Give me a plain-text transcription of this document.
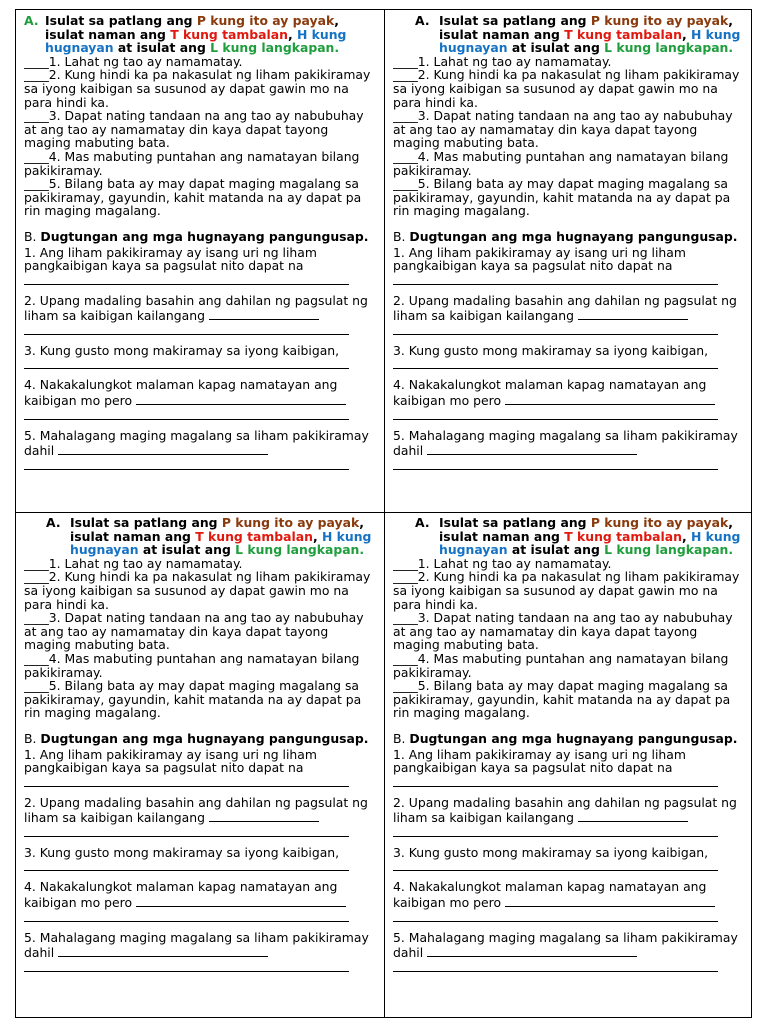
A. Isulat sa patlang ang P kung ito ay payak, isulat naman ang T kung tambalan, H kung hugnayan at isulat ang L kung langkapan.
____1. Lahat ng tao ay namamatay.
____2. Kung hindi ka pa nakasulat ng liham pakikiramay sa iyong kaibigan sa susunod ay dapat gawin mo na para hindi ka.
____3. Dapat nating tandaan na ang tao ay nabubuhay at ang tao ay namamatay din kaya dapat tayong maging mabuting bata.
____4. Mas mabuting puntahan ang namatayan bilang pakikiramay.
____5. Bilang bata ay may dapat maging magalang sa pakikiramay, gayundin, kahit matanda na ay dapat pa rin maging magalang.
B. Dugtungan ang mga hugnayang pangungusap.
1. Ang liham pakikiramay ay isang uri ng liham pangkaibigan kaya sa pagsulat nito dapat na
2. Upang madaling basahin ang dahilan ng pagsulat ng liham sa kaibigan kailangang
3. Kung gusto mong makiramay sa iyong kaibigan,
4. Nakakalungkot malaman kapag namatayan ang kaibigan mo pero
5. Mahalagang maging magalang sa liham pakikiramay dahil
A. Isulat sa patlang ang P kung ito ay payak, isulat naman ang T kung tambalan, H kung hugnayan at isulat ang L kung langkapan.
____1. Lahat ng tao ay namamatay.
____2. Kung hindi ka pa nakasulat ng liham pakikiramay sa iyong kaibigan sa susunod ay dapat gawin mo na para hindi ka.
____3. Dapat nating tandaan na ang tao ay nabubuhay at ang tao ay namamatay din kaya dapat tayong maging mabuting bata.
____4. Mas mabuting puntahan ang namatayan bilang pakikiramay.
____5. Bilang bata ay may dapat maging magalang sa pakikiramay, gayundin, kahit matanda na ay dapat pa rin maging magalang.
B. Dugtungan ang mga hugnayang pangungusap.
1. Ang liham pakikiramay ay isang uri ng liham pangkaibigan kaya sa pagsulat nito dapat na
2. Upang madaling basahin ang dahilan ng pagsulat ng liham sa kaibigan kailangang
3. Kung gusto mong makiramay sa iyong kaibigan,
4. Nakakalungkot malaman kapag namatayan ang kaibigan mo pero
5. Mahalagang maging magalang sa liham pakikiramay dahil
A. Isulat sa patlang ang P kung ito ay payak, isulat naman ang T kung tambalan, H kung hugnayan at isulat ang L kung langkapan.
____1. Lahat ng tao ay namamatay.
____2. Kung hindi ka pa nakasulat ng liham pakikiramay sa iyong kaibigan sa susunod ay dapat gawin mo na para hindi ka.
____3. Dapat nating tandaan na ang tao ay nabubuhay at ang tao ay namamatay din kaya dapat tayong maging mabuting bata.
____4. Mas mabuting puntahan ang namatayan bilang pakikiramay.
____5. Bilang bata ay may dapat maging magalang sa pakikiramay, gayundin, kahit matanda na ay dapat pa rin maging magalang.
B. Dugtungan ang mga hugnayang pangungusap.
1. Ang liham pakikiramay ay isang uri ng liham pangkaibigan kaya sa pagsulat nito dapat na
2. Upang madaling basahin ang dahilan ng pagsulat ng liham sa kaibigan kailangang
3. Kung gusto mong makiramay sa iyong kaibigan,
4. Nakakalungkot malaman kapag namatayan ang kaibigan mo pero
5. Mahalagang maging magalang sa liham pakikiramay dahil
A. Isulat sa patlang ang P kung ito ay payak, isulat naman ang T kung tambalan, H kung hugnayan at isulat ang L kung langkapan.
____1. Lahat ng tao ay namamatay.
____2. Kung hindi ka pa nakasulat ng liham pakikiramay sa iyong kaibigan sa susunod ay dapat gawin mo na para hindi ka.
____3. Dapat nating tandaan na ang tao ay nabubuhay at ang tao ay namamatay din kaya dapat tayong maging mabuting bata.
____4. Mas mabuting puntahan ang namatayan bilang pakikiramay.
____5. Bilang bata ay may dapat maging magalang sa pakikiramay, gayundin, kahit matanda na ay dapat pa rin maging magalang.
B. Dugtungan ang mga hugnayang pangungusap.
1. Ang liham pakikiramay ay isang uri ng liham pangkaibigan kaya sa pagsulat nito dapat na
2. Upang madaling basahin ang dahilan ng pagsulat ng liham sa kaibigan kailangang
3. Kung gusto mong makiramay sa iyong kaibigan,
4. Nakakalungkot malaman kapag namatayan ang kaibigan mo pero
5. Mahalagang maging magalang sa liham pakikiramay dahil
